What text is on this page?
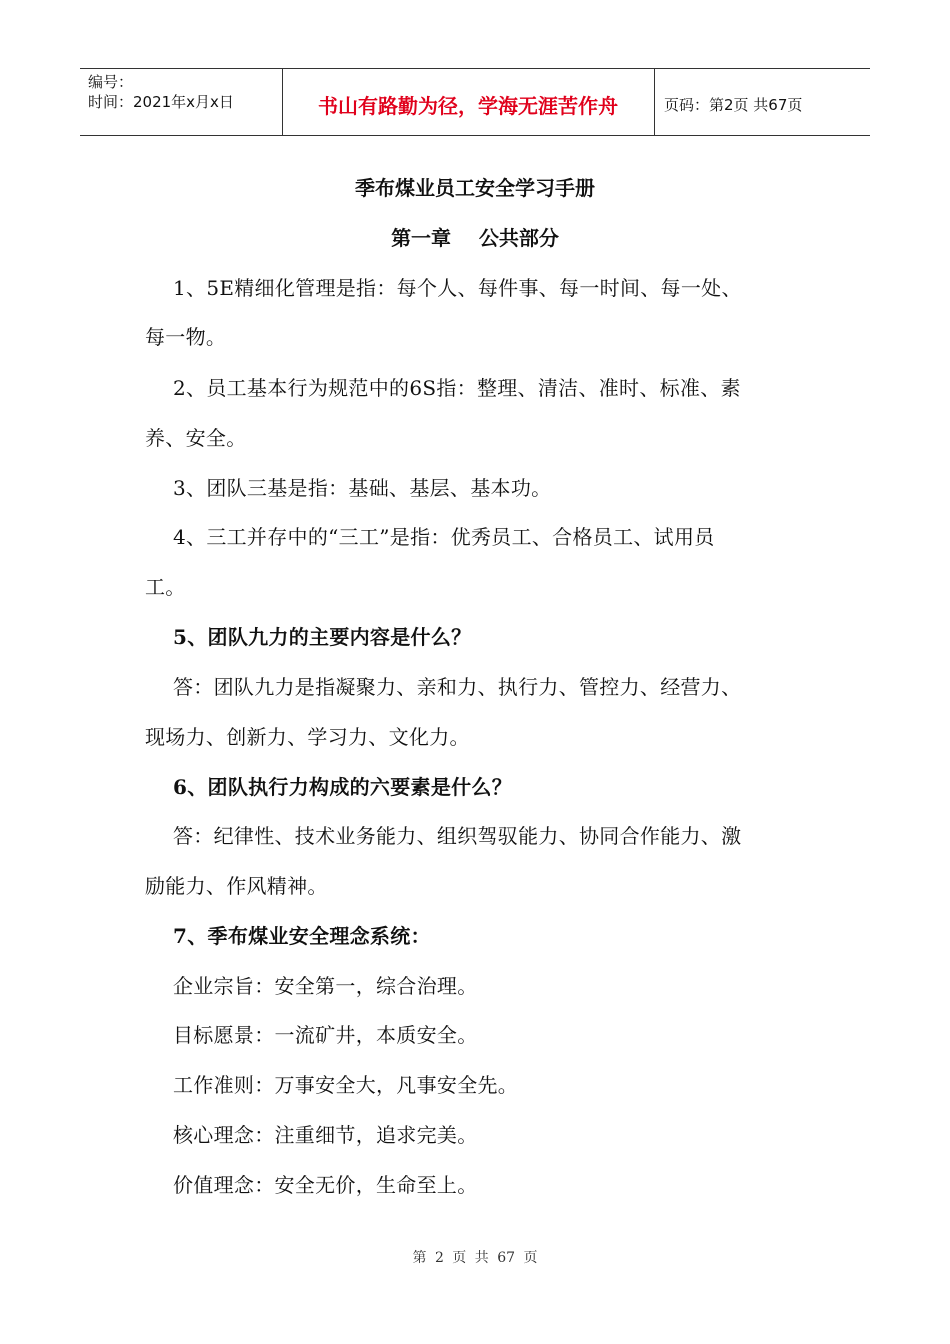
编号：
时间：2021年x月x日	书山有路勤为径，学海无涯苦作舟	页码：第2页 共67页
季布煤业员工安全学习手册
第一章    公共部分
1、5E精细化管理是指：每个人、每件事、每一时间、每一处、
每一物。
2、员工基本行为规范中的6S指：整理、清洁、准时、标准、素
养、安全。
3、团队三基是指：基础、基层、基本功。
4、三工并存中的“三工”是指：优秀员工、合格员工、试用员
工。
5、团队九力的主要内容是什么？
答：团队九力是指凝聚力、亲和力、执行力、管控力、经营力、
现场力、创新力、学习力、文化力。
6、团队执行力构成的六要素是什么？
答：纪律性、技术业务能力、组织驾驭能力、协同合作能力、激
励能力、作风精神。
7、季布煤业安全理念系统：
企业宗旨：安全第一，综合治理。
目标愿景：一流矿井，本质安全。
工作准则：万事安全大，凡事安全先。
核心理念：注重细节，追求完美。
价值理念：安全无价，生命至上。
第 2 页 共 67 页
